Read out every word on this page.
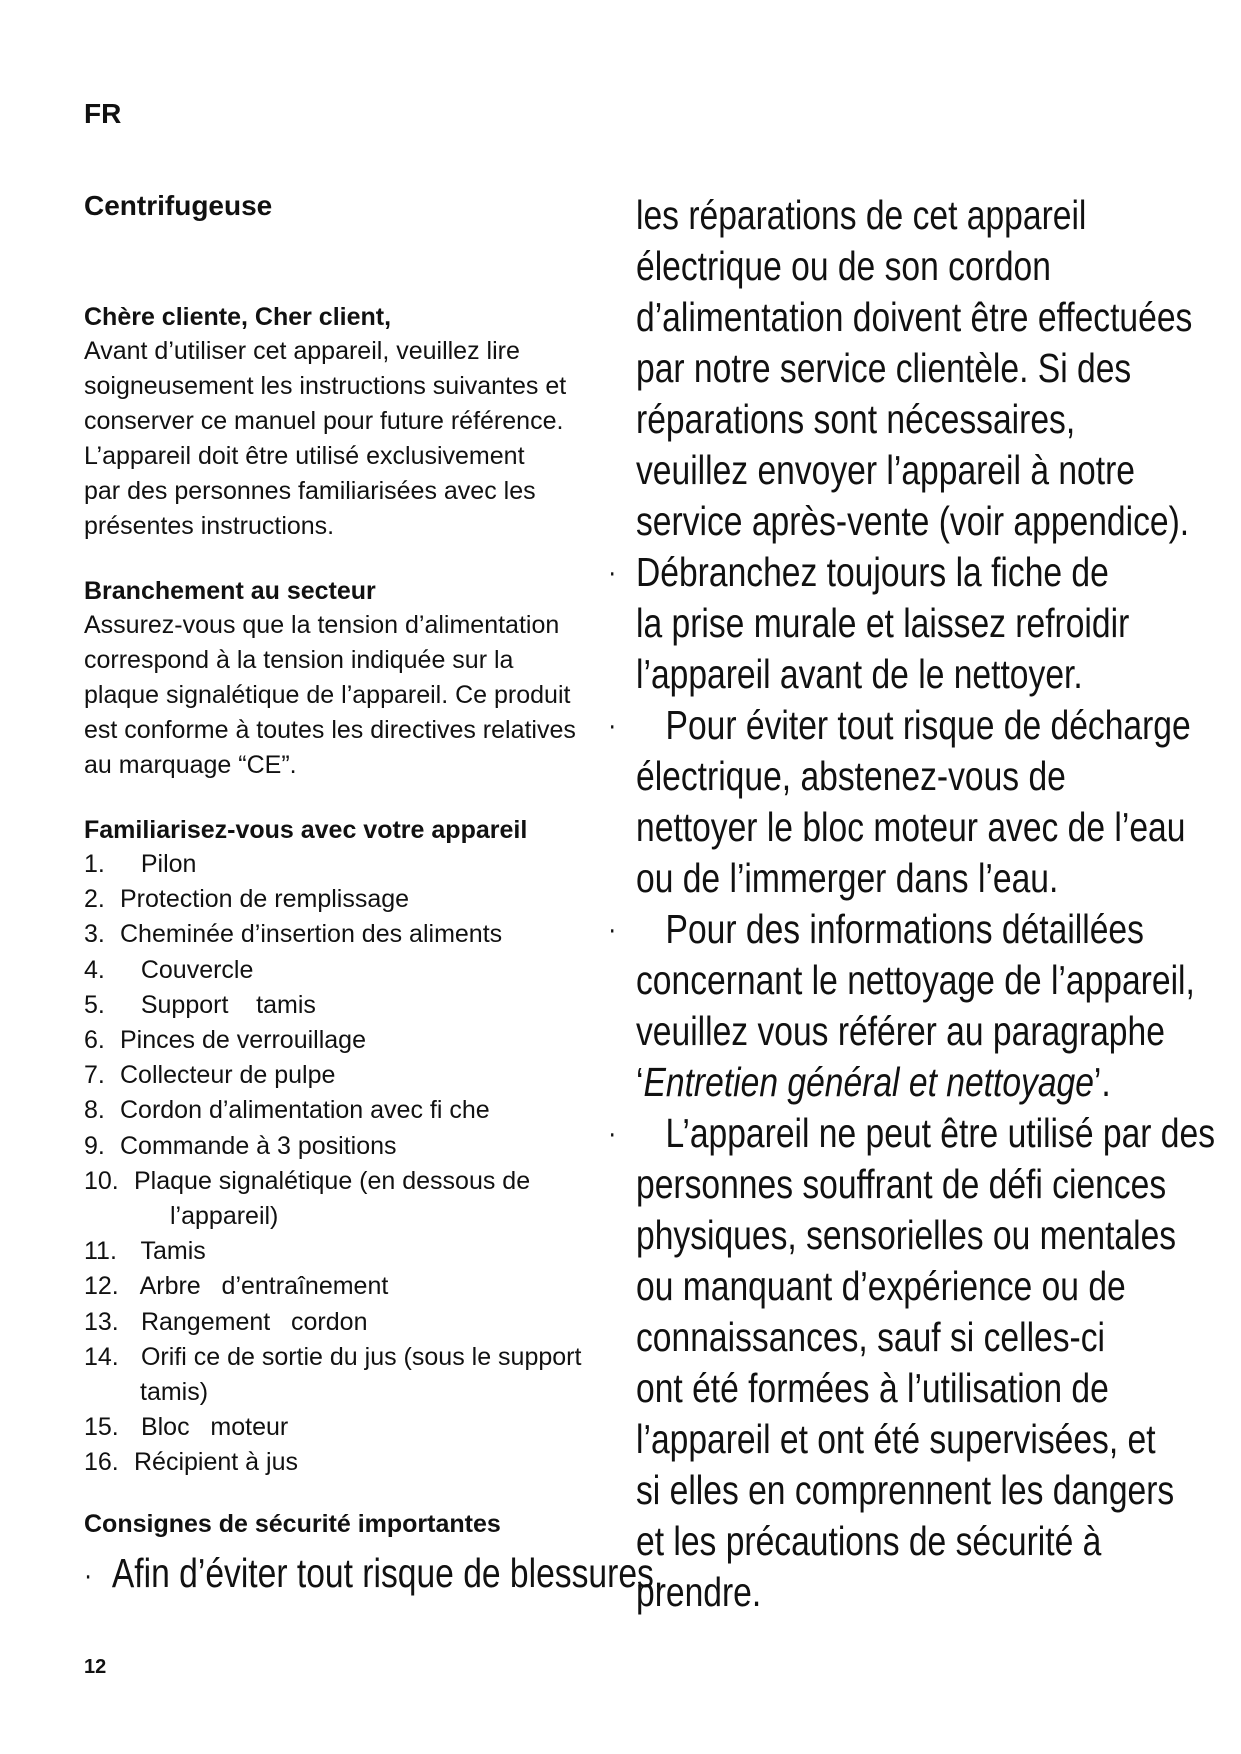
FR
Centrifugeuse

Chère cliente, Cher client,

Avant d’utiliser cet appareil, veuillez lire

soigneusement les instructions suivantes et

conserver ce manuel pour future référence.

L’appareil doit être utilisé exclusivement

par des personnes familiarisées avec les

présentes instructions.

Branchement au secteur

Assurez-vous que la tension d’alimentation

correspond à la tension indiquée sur la

plaque signalétique de l’appareil. Ce produit

est conforme à toutes les directives relatives

au marquage “CE”.

Familiarisez-vous avec votre appareil

1. Pilon
2. Protection de remplissage
3. Cheminée d’insertion des aliments
4. Couvercle
5. Support    tamis
6. Pinces de verrouillage
7. Collecteur de pulpe
8. Cordon d’alimentation avec fi che
9. Commande à 3 positions
10. Plaque signalétique (en dessous de
l’appareil)
11. Tamis
12. Arbre   d’entraînement
13. Rangement   cordon
14. Orifi ce de sortie du jus (sous le support
tamis)
15. Bloc   moteur
16. Récipient à jus

Consignes de sécurité importantes

· Afin d’éviter tout risque de blessures,

les réparations de cet appareil

électrique ou de son cordon

d’alimentation doivent être effectuées

par notre service clientèle. Si des

réparations sont nécessaires,

veuillez envoyer l’appareil à notre

service après-vente (voir appendice).

· Débranchez toujours la fiche de

la prise murale et laissez refroidir

l’appareil avant de le nettoyer.

· Pour éviter tout risque de décharge

électrique, abstenez-vous de

nettoyer le bloc moteur avec de l’eau

ou de l’immerger dans l’eau.

· Pour des informations détaillées

concernant le nettoyage de l’appareil,

veuillez vous référer au paragraphe

‘Entretien général et nettoyage’.

· L’appareil ne peut être utilisé par des

personnes souffrant de défi ciences

physiques, sensorielles ou mentales

ou manquant d’expérience ou de

connaissances, sauf si celles-ci

ont été formées à l’utilisation de

l’appareil et ont été supervisées, et

si elles en comprennent les dangers

et les précautions de sécurité à

prendre.

12
